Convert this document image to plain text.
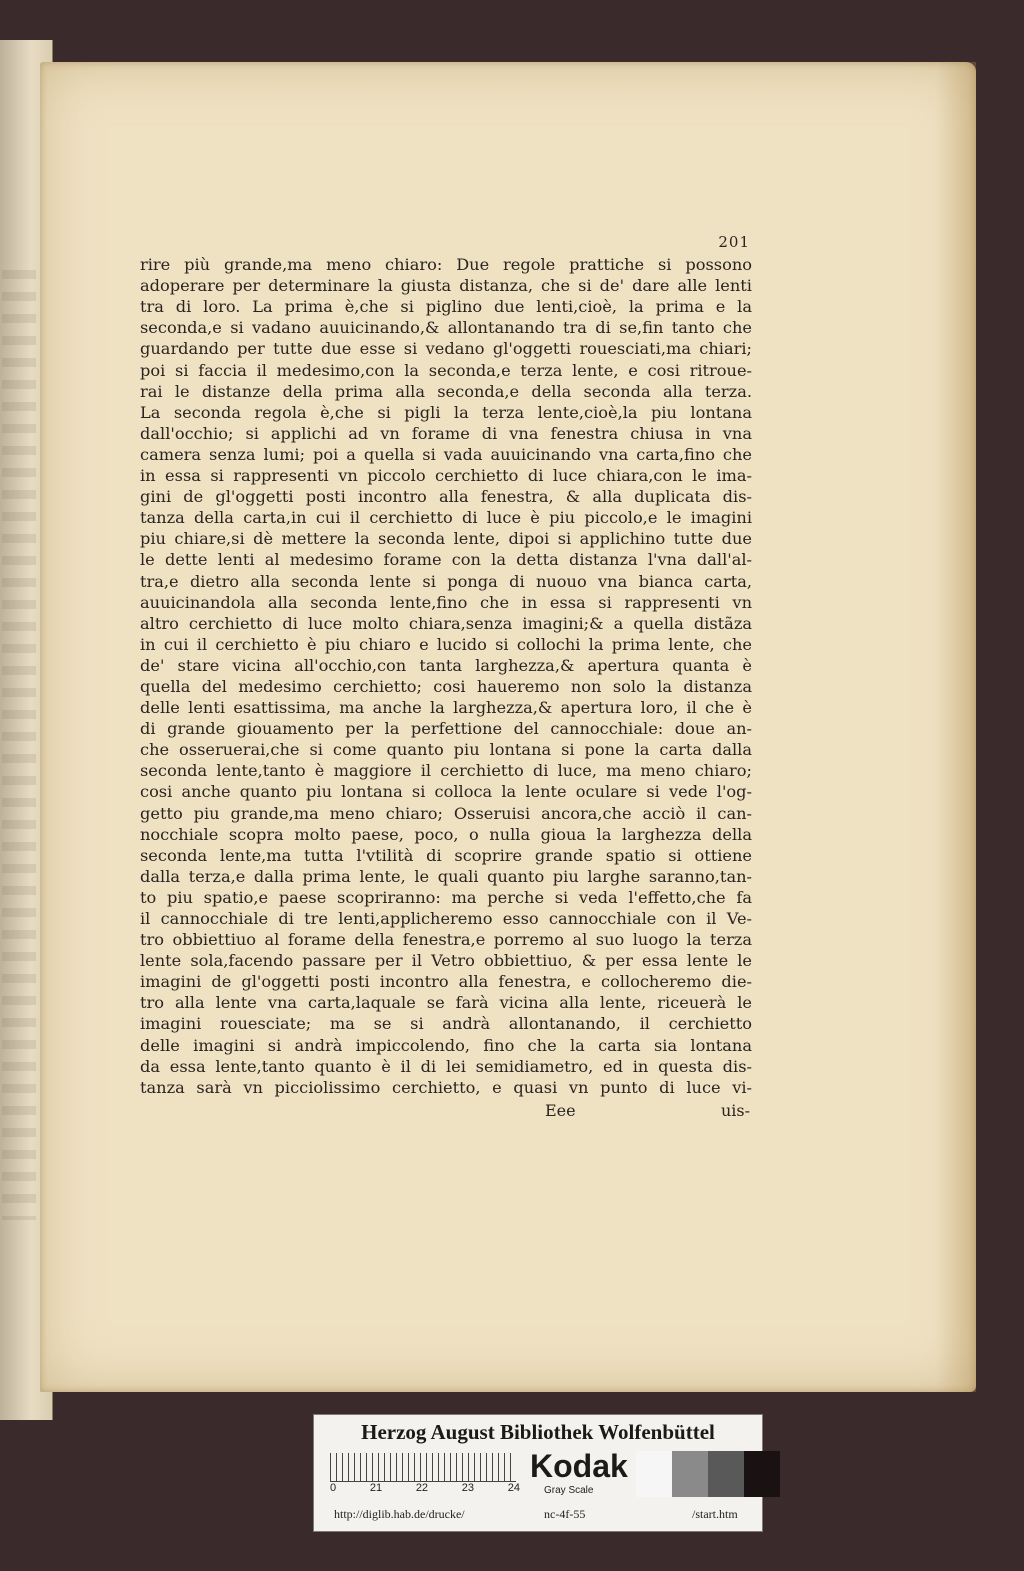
201
rire più grande,ma meno chiaro: Due regole prattiche si possono
adoperare per determinare la giusta distanza, che si de' dare alle lenti
tra di loro. La prima è,che si piglino due lenti,cioè, la prima e la
seconda,e si vadano auuicinando,& allontanando tra di se,fin tanto che
guardando per tutte due esse si vedano gl'oggetti rouesciati,ma chiari;
poi si faccia il medesimo,con la seconda,e terza lente, e cosi ritroue-
rai le distanze della prima alla seconda,e della seconda alla terza.
La seconda regola è,che si pigli la terza lente,cioè,la piu lontana
dall'occhio; si applichi ad vn forame di vna fenestra chiusa in vna
camera senza lumi; poi a quella si vada auuicinando vna carta,fino che
in essa si rappresenti vn piccolo cerchietto di luce chiara,con le ima-
gini de gl'oggetti posti incontro alla fenestra, & alla duplicata dis-
tanza della carta,in cui il cerchietto di luce è piu piccolo,e le imagini
piu chiare,si dè mettere la seconda lente, dipoi si applichino tutte due
le dette lenti al medesimo forame con la detta distanza l'vna dall'al-
tra,e dietro alla seconda lente si ponga di nuouo vna bianca carta,
auuicinandola alla seconda lente,fino che in essa si rappresenti vn
altro cerchietto di luce molto chiara,senza imagini;& a quella distãza
in cui il cerchietto è piu chiaro e lucido si collochi la prima lente, che
de' stare vicina all'occhio,con tanta larghezza,& apertura quanta è
quella del medesimo cerchietto; cosi haueremo non solo la distanza
delle lenti esattissima, ma anche la larghezza,& apertura loro, il che è
di grande giouamento per la perfettione del cannocchiale: doue an-
che osseruerai,che si come quanto piu lontana si pone la carta dalla
seconda lente,tanto è maggiore il cerchietto di luce, ma meno chiaro;
cosi anche quanto piu lontana si colloca la lente oculare si vede l'og-
getto piu grande,ma meno chiaro; Osseruisi ancora,che acciò il can-
nocchiale scopra molto paese, poco, o nulla gioua la larghezza della
seconda lente,ma tutta l'vtilità di scoprire grande spatio si ottiene
dalla terza,e dalla prima lente, le quali quanto piu larghe saranno,tan-
to piu spatio,e paese scopriranno: ma perche si veda l'effetto,che fa
il cannocchiale di tre lenti,applicheremo esso cannocchiale con il Ve-
tro obbiettiuo al forame della fenestra,e porremo al suo luogo la terza
lente sola,facendo passare per il Vetro obbiettiuo, & per essa lente le
imagini de gl'oggetti posti incontro alla fenestra, e collocheremo die-
tro alla lente vna carta,laquale se farà vicina alla lente, riceuerà le
imagini rouesciate; ma se si andrà allontanando, il cerchietto
delle imagini si andrà impiccolendo, fino che la carta sia lontana
da essa lente,tanto quanto è il di lei semidiametro, ed in questa dis-
tanza sarà vn picciolissimo cerchietto, e quasi vn punto di luce vi-
Eee	uis-
Herzog August Bibliothek Wolfenbüttel
0	21	22	23	24
Kodak
Gray Scale
http://diglib.hab.de/drucke/	nc-4f-55	/start.htm
